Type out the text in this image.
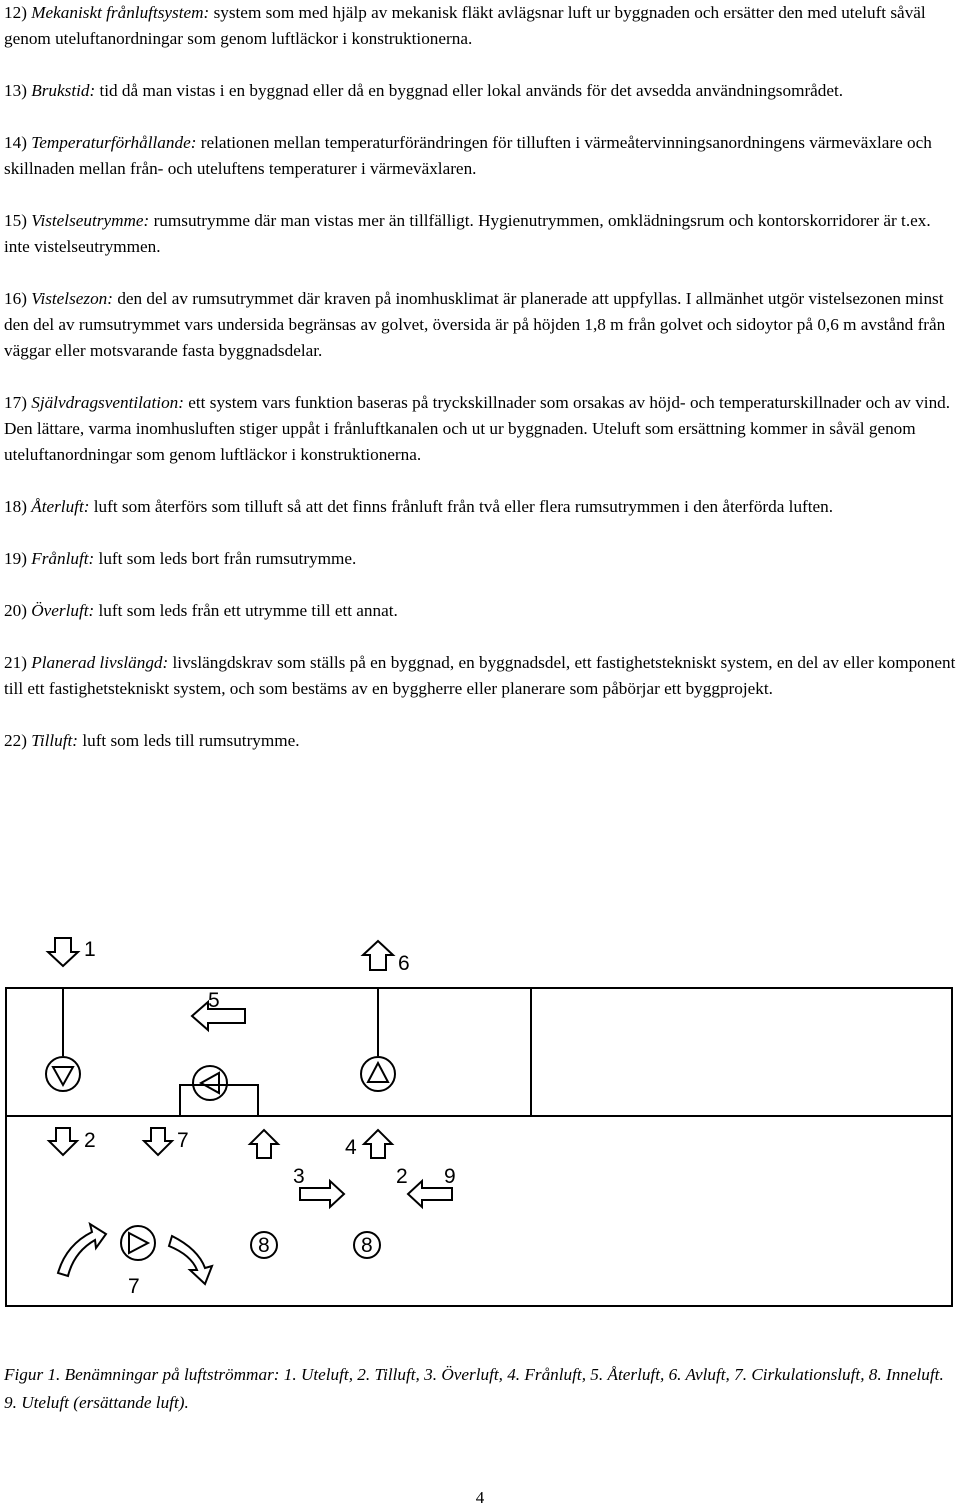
12) Mekaniskt frånluftsystem: system som med hjälp av mekanisk fläkt avlägsnar luft ur byggnaden och ersätter den med uteluft såväl genom uteluftanordningar som genom luftläckor i konstruktionerna.

13) Brukstid: tid då man vistas i en byggnad eller då en byggnad eller lokal används för det avsedda användningsområdet.

14) Temperaturförhållande: relationen mellan temperaturförändringen för tilluften i värmeåtervinningsanordningens värmeväxlare och skillnaden mellan från- och uteluftens temperaturer i värmeväxlaren.

15) Vistelseutrymme: rumsutrymme där man vistas mer än tillfälligt. Hygienutrymmen, omklädningsrum och kontorskorridorer är t.ex. inte vistelseutrymmen.

16) Vistelsezon: den del av rumsutrymmet där kraven på inomhusklimat är planerade att uppfyllas. I allmänhet utgör vistelsezonen minst den del av rumsutrymmet vars undersida begränsas av golvet, översida är på höjden 1,8 m från golvet och sidoytor på 0,6 m avstånd från väggar eller motsvarande fasta byggnadsdelar.

17) Självdragsventilation: ett system vars funktion baseras på tryckskillnader som orsakas av höjd- och temperaturskillnader och av vind. Den lättare, varma inomhusluften stiger uppåt i frånluftkanalen och ut ur byggnaden. Uteluft som ersättning kommer in såväl genom uteluftanordningar som genom luftläckor i konstruktionerna.

18) Återluft: luft som återförs som tilluft så att det finns frånluft från två eller flera rumsutrymmen i den återförda luften.

19) Frånluft: luft som leds bort från rumsutrymme.

20) Överluft: luft som leds från ett utrymme till ett annat.

21) Planerad livslängd: livslängdskrav som ställs på en byggnad, en byggnadsdel, ett fastighetstekniskt system, en del av eller komponent till ett fastighetstekniskt system, och som bestäms av en byggherre eller planerare som påbörjar ett byggprojekt.

22) Tilluft: luft som leds till rumsutrymme.

1
6
5
2	7	4
3	2 9
8	8
7

Figur 1. Benämningar på luftströmmar: 1. Uteluft, 2. Tilluft, 3. Överluft, 4. Frånluft, 5. Återluft, 6. Avluft, 7. Cirkulationsluft, 8. Inneluft. 9. Uteluft (ersättande luft).

4
